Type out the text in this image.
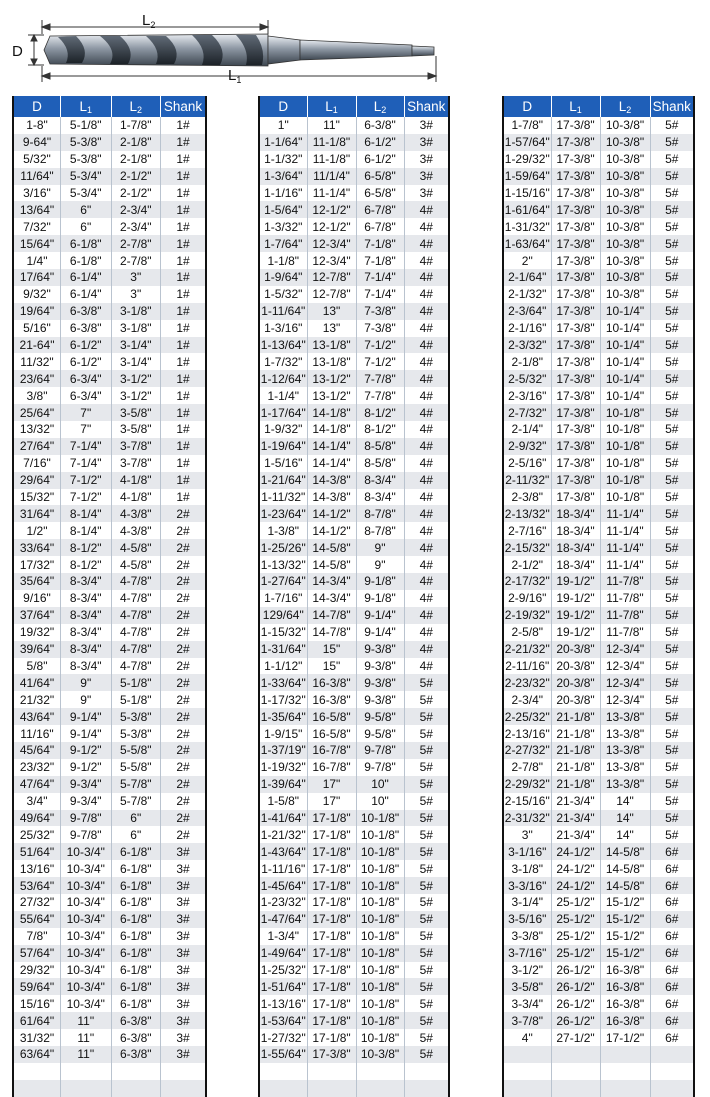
D
$L_2$
$L_1$
D	$L_1$	$L_2$	Shank
1-8"	5-1/8"	1-7/8"	1#
9-64"	5-3/8"	2-1/8"	1#
5/32"	5-3/8"	2-1/8"	1#
11/64"	5-3/4"	2-1/2"	1#
3/16"	5-3/4"	2-1/2"	1#
13/64"	6"	2-3/4"	1#
7/32"	6"	2-3/4"	1#
15/64"	6-1/8"	2-7/8"	1#
1/4"	6-1/8"	2-7/8"	1#
17/64"	6-1/4"	3"	1#
9/32"	6-1/4"	3"	1#
19/64"	6-3/8"	3-1/8"	1#
5/16"	6-3/8"	3-1/8"	1#
21-64"	6-1/2"	3-1/4"	1#
11/32"	6-1/2"	3-1/4"	1#
23/64"	6-3/4"	3-1/2"	1#
3/8"	6-3/4"	3-1/2"	1#
25/64"	7"	3-5/8"	1#
13/32"	7"	3-5/8"	1#
27/64"	7-1/4"	3-7/8"	1#
7/16"	7-1/4"	3-7/8"	1#
29/64"	7-1/2"	4-1/8"	1#
15/32"	7-1/2"	4-1/8"	1#
31/64"	8-1/4"	4-3/8"	2#
1/2"	8-1/4"	4-3/8"	2#
33/64"	8-1/2"	4-5/8"	2#
17/32"	8-1/2"	4-5/8"	2#
35/64"	8-3/4"	4-7/8"	2#
9/16"	8-3/4"	4-7/8"	2#
37/64"	8-3/4"	4-7/8"	2#
19/32"	8-3/4"	4-7/8"	2#
39/64"	8-3/4"	4-7/8"	2#
5/8"	8-3/4"	4-7/8"	2#
41/64"	9"	5-1/8"	2#
21/32"	9"	5-1/8"	2#
43/64"	9-1/4"	5-3/8"	2#
11/16"	9-1/4"	5-3/8"	2#
45/64"	9-1/2"	5-5/8"	2#
23/32"	9-1/2"	5-5/8"	2#
47/64"	9-3/4"	5-7/8"	2#
3/4"	9-3/4"	5-7/8"	2#
49/64"	9-7/8"	6"	2#
25/32"	9-7/8"	6"	2#
51/64"	10-3/4"	6-1/8"	3#
13/16"	10-3/4"	6-1/8"	3#
53/64"	10-3/4"	6-1/8"	3#
27/32"	10-3/4"	6-1/8"	3#
55/64"	10-3/4"	6-1/8"	3#
7/8"	10-3/4"	6-1/8"	3#
57/64"	10-3/4"	6-1/8"	3#
29/32"	10-3/4"	6-1/8"	3#
59/64"	10-3/4"	6-1/8"	3#
15/16"	10-3/4"	6-1/8"	3#
61/64"	11"	6-3/8"	3#
31/32"	11"	6-3/8"	3#
63/64"	11"	6-3/8"	3#

D	$L_1$	$L_2$	Shank
1"	11"	6-3/8"	3#
1-1/64"	11-1/8"	6-1/2"	3#
1-1/32"	11-1/8"	6-1/2"	3#
1-3/64"	11/1/4"	6-5/8"	3#
1-1/16"	11-1/4"	6-5/8"	3#
1-5/64"	12-1/2"	6-7/8"	4#
1-3/32"	12-1/2"	6-7/8"	4#
1-7/64"	12-3/4"	7-1/8"	4#
1-1/8"	12-3/4"	7-1/8"	4#
1-9/64"	12-7/8"	7-1/4"	4#
1-5/32"	12-7/8"	7-1/4"	4#
1-11/64"	13"	7-3/8"	4#
1-3/16"	13"	7-3/8"	4#
1-13/64"	13-1/8"	7-1/2"	4#
1-7/32"	13-1/8"	7-1/2"	4#
1-12/64"	13-1/2"	7-7/8"	4#
1-1/4"	13-1/2"	7-7/8"	4#
1-17/64"	14-1/8"	8-1/2"	4#
1-9/32"	14-1/8"	8-1/2"	4#
1-19/64"	14-1/4"	8-5/8"	4#
1-5/16"	14-1/4"	8-5/8"	4#
1-21/64"	14-3/8"	8-3/4"	4#
1-11/32"	14-3/8"	8-3/4"	4#
1-23/64"	14-1/2"	8-7/8"	4#
1-3/8"	14-1/2"	8-7/8"	4#
1-25/26"	14-5/8"	9"	4#
1-13/32"	14-5/8"	9"	4#
1-27/64"	14-3/4"	9-1/8"	4#
1-7/16"	14-3/4"	9-1/8"	4#
129/64"	14-7/8"	9-1/4"	4#
1-15/32"	14-7/8"	9-1/4"	4#
1-31/64"	15"	9-3/8"	4#
1-1/12"	15"	9-3/8"	4#
1-33/64"	16-3/8"	9-3/8"	5#
1-17/32"	16-3/8"	9-3/8"	5#
1-35/64"	16-5/8"	9-5/8"	5#
1-9/15"	16-5/8"	9-5/8"	5#
1-37/19"	16-7/8"	9-7/8"	5#
1-19/32"	16-7/8"	9-7/8"	5#
1-39/64"	17"	10"	5#
1-5/8"	17"	10"	5#
1-41/64"	17-1/8"	10-1/8"	5#
1-21/32"	17-1/8"	10-1/8"	5#
1-43/64"	17-1/8"	10-1/8"	5#
1-11/16"	17-1/8"	10-1/8"	5#
1-45/64"	17-1/8"	10-1/8"	5#
1-23/32"	17-1/8"	10-1/8"	5#
1-47/64"	17-1/8"	10-1/8"	5#
1-3/4"	17-1/8"	10-1/8"	5#
1-49/64"	17-1/8"	10-1/8"	5#
1-25/32"	17-1/8"	10-1/8"	5#
1-51/64"	17-1/8"	10-1/8"	5#
1-13/16"	17-1/8"	10-1/8"	5#
1-53/64"	17-1/8"	10-1/8"	5#
1-27/32"	17-1/8"	10-1/8"	5#
1-55/64"	17-3/8"	10-3/8"	5#

D	$L_1$	$L_2$	Shank
1-7/8"	17-3/8"	10-3/8"	5#
1-57/64"	17-3/8"	10-3/8"	5#
1-29/32"	17-3/8"	10-3/8"	5#
1-59/64"	17-3/8"	10-3/8"	5#
1-15/16"	17-3/8"	10-3/8"	5#
1-61/64"	17-3/8"	10-3/8"	5#
1-31/32"	17-3/8"	10-3/8"	5#
1-63/64"	17-3/8"	10-3/8"	5#
2"	17-3/8"	10-3/8"	5#
2-1/64"	17-3/8"	10-3/8"	5#
2-1/32"	17-3/8"	10-3/8"	5#
2-3/64"	17-3/8"	10-1/4"	5#
2-1/16"	17-3/8"	10-1/4"	5#
2-3/32"	17-3/8"	10-1/4"	5#
2-1/8"	17-3/8"	10-1/4"	5#
2-5/32"	17-3/8"	10-1/4"	5#
2-3/16"	17-3/8"	10-1/4"	5#
2-7/32"	17-3/8"	10-1/8"	5#
2-1/4"	17-3/8"	10-1/8"	5#
2-9/32"	17-3/8"	10-1/8"	5#
2-5/16"	17-3/8"	10-1/8"	5#
2-11/32"	17-3/8"	10-1/8"	5#
2-3/8"	17-3/8"	10-1/8"	5#
2-13/32"	18-3/4"	11-1/4"	5#
2-7/16"	18-3/4"	11-1/4"	5#
2-15/32"	18-3/4"	11-1/4"	5#
2-1/2"	18-3/4"	11-1/4"	5#
2-17/32"	19-1/2"	11-7/8"	5#
2-9/16"	19-1/2"	11-7/8"	5#
2-19/32"	19-1/2"	11-7/8"	5#
2-5/8"	19-1/2"	11-7/8"	5#
2-21/32"	20-3/8"	12-3/4"	5#
2-11/16"	20-3/8"	12-3/4"	5#
2-23/32"	20-3/8"	12-3/4"	5#
2-3/4"	20-3/8"	12-3/4"	5#
2-25/32"	21-1/8"	13-3/8"	5#
2-13/16"	21-1/8"	13-3/8"	5#
2-27/32"	21-1/8"	13-3/8"	5#
2-7/8"	21-1/8"	13-3/8"	5#
2-29/32"	21-1/8"	13-3/8"	5#
2-15/16"	21-3/4"	14"	5#
2-31/32"	21-3/4"	14"	5#
3"	21-3/4"	14"	5#
3-1/16"	24-1/2"	14-5/8"	6#
3-1/8"	24-1/2"	14-5/8"	6#
3-3/16"	24-1/2"	14-5/8"	6#
3-1/4"	25-1/2"	15-1/2"	6#
3-5/16"	25-1/2"	15-1/2"	6#
3-3/8"	25-1/2"	15-1/2"	6#
3-7/16"	25-1/2"	15-1/2"	6#
3-1/2"	26-1/2"	16-3/8"	6#
3-5/8"	26-1/2"	16-3/8"	6#
3-3/4"	26-1/2"	16-3/8"	6#
3-7/8"	26-1/2"	16-3/8"	6#
4"	27-1/2"	17-1/2"	6#
